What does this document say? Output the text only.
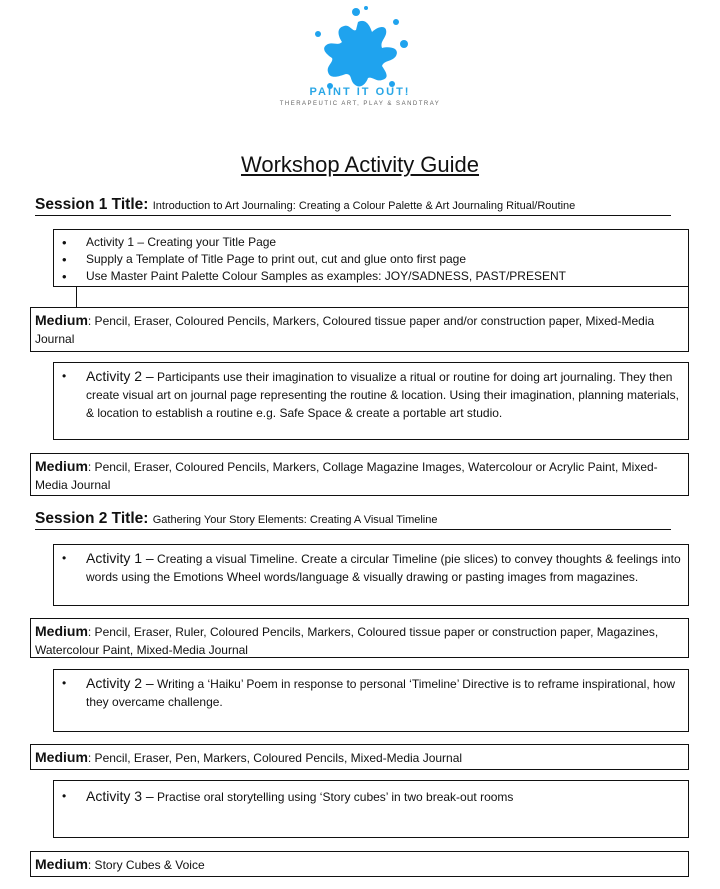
PAINT IT OUT!
THERAPEUTIC ART, PLAY & SANDTRAY
Workshop Activity Guide
Session 1 Title: Introduction to Art Journaling: Creating a Colour Palette & Art Journaling Ritual/Routine
• Activity 1 – Creating your Title Page
• Supply a Template of Title Page to print out, cut and glue onto first page
• Use Master Paint Palette Colour Samples as examples: JOY/SADNESS, PAST/PRESENT
Medium: Pencil, Eraser, Coloured Pencils, Markers, Coloured tissue paper and/or construction paper, Mixed-Media Journal
• Activity 2 – Participants use their imagination to visualize a ritual or routine for doing art journaling. They then create visual art on journal page representing the routine & location. Using their imagination, planning materials, & location to establish a routine e.g. Safe Space & create a portable art studio.
Medium: Pencil, Eraser, Coloured Pencils, Markers, Collage Magazine Images, Watercolour or Acrylic Paint, Mixed-Media Journal
Session 2 Title: Gathering Your Story Elements: Creating A Visual Timeline
• Activity 1 – Creating a visual Timeline. Create a circular Timeline (pie slices) to convey thoughts & feelings into words using the Emotions Wheel words/language & visually drawing or pasting images from magazines.
Medium: Pencil, Eraser, Ruler, Coloured Pencils, Markers, Coloured tissue paper or construction paper, Magazines, Watercolour Paint, Mixed-Media Journal
• Activity 2 – Writing a ‘Haiku’ Poem in response to personal ‘Timeline’ Directive is to reframe inspirational, how they overcame challenge.
Medium: Pencil, Eraser, Pen, Markers, Coloured Pencils, Mixed-Media Journal
• Activity 3 – Practise oral storytelling using ‘Story cubes’ in two break-out rooms
Medium: Story Cubes & Voice
